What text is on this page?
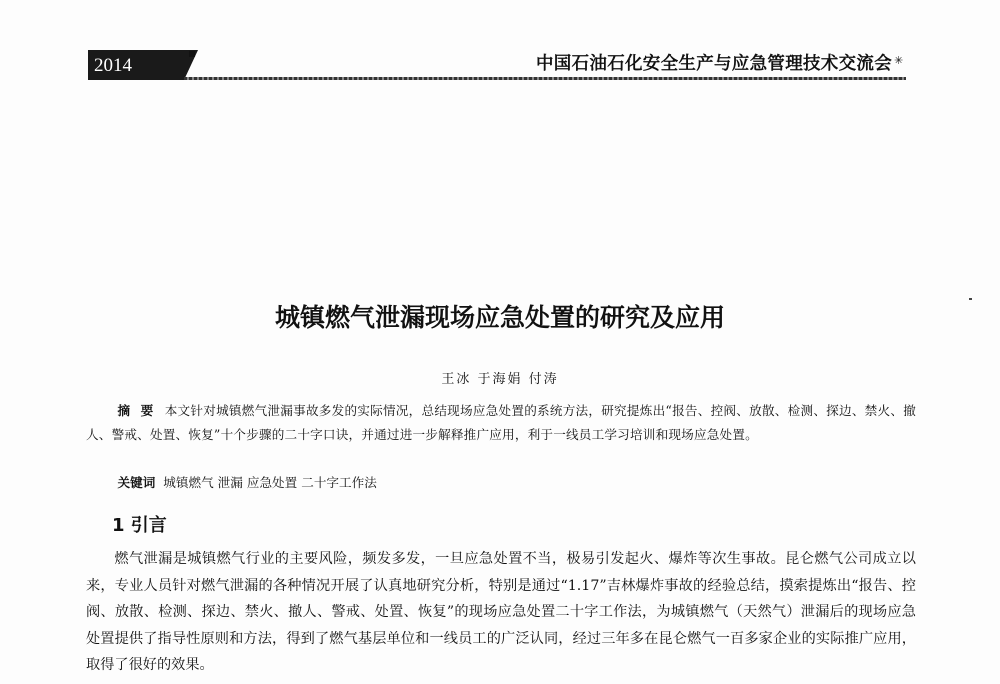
2014
▪
中国石油石化安全生产与应急管理技术交流会 ✳
城镇燃气泄漏现场应急处置的研究及应用
王冰 于海娟 付涛

摘 要 本文针对城镇燃气泄漏事故多发的实际情况，总结现场应急处置的系统方法，研究提炼出“报告、控阀、放散、检测、探边、禁火、撤人、警戒、处置、恢复”十个步骤的二十字口诀，并通过进一步解释推广应用，利于一线员工学习培训和现场应急处置。

关键词 城镇燃气 泄漏 应急处置 二十字工作法

1 引言

燃气泄漏是城镇燃气行业的主要风险，频发多发，一旦应急处置不当，极易引发起火、爆炸等次生事故。昆仑燃气公司成立以来，专业人员针对燃气泄漏的各种情况开展了认真地研究分析，特别是通过“1.17”吉林爆炸事故的经验总结，摸索提炼出“报告、控阀、放散、检测、探边、禁火、撤人、警戒、处置、恢复”的现场应急处置二十字工作法，为城镇燃气（天然气）泄漏后的现场应急处置提供了指导性原则和方法，得到了燃气基层单位和一线员工的广泛认同，经过三年多在昆仑燃气一百多家企业的实际推广应用，取得了很好的效果。
